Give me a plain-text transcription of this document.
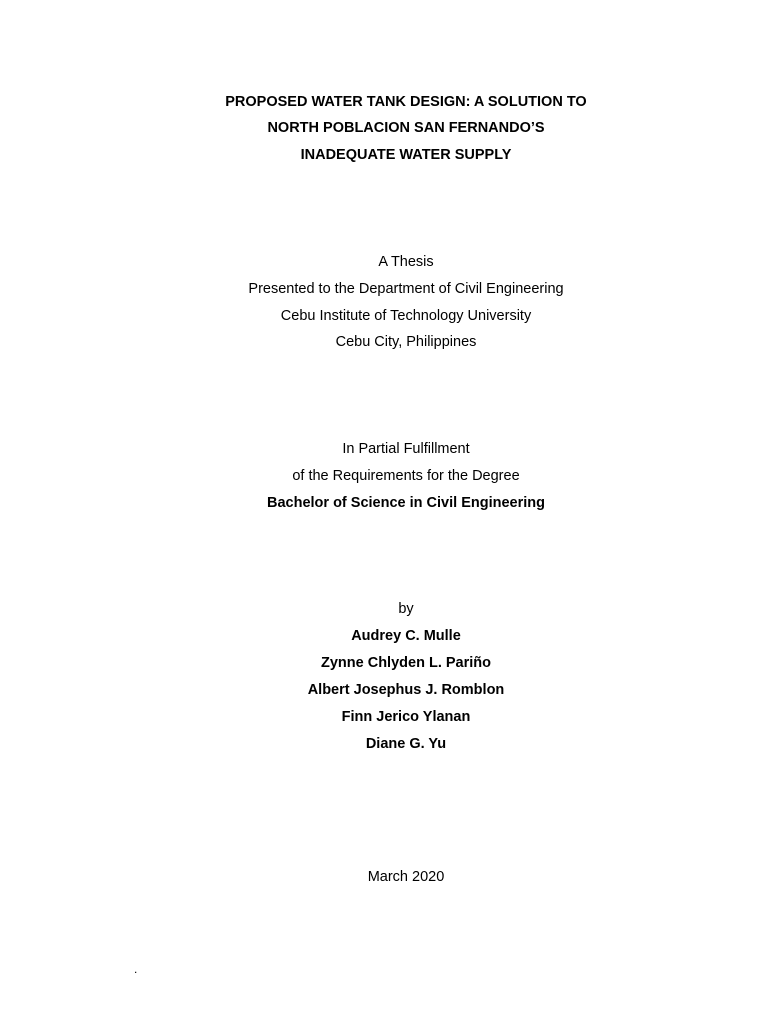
PROPOSED WATER TANK DESIGN: A SOLUTION TO
NORTH POBLACION SAN FERNANDO’S
INADEQUATE WATER SUPPLY
A Thesis
Presented to the Department of Civil Engineering
Cebu Institute of Technology University
Cebu City, Philippines
In Partial Fulfillment
of the Requirements for the Degree
Bachelor of Science in Civil Engineering
by
Audrey C. Mulle
Zynne Chlyden L. Pariño
Albert Josephus J. Romblon
Finn Jerico Ylanan
Diane G. Yu
March 2020
.
